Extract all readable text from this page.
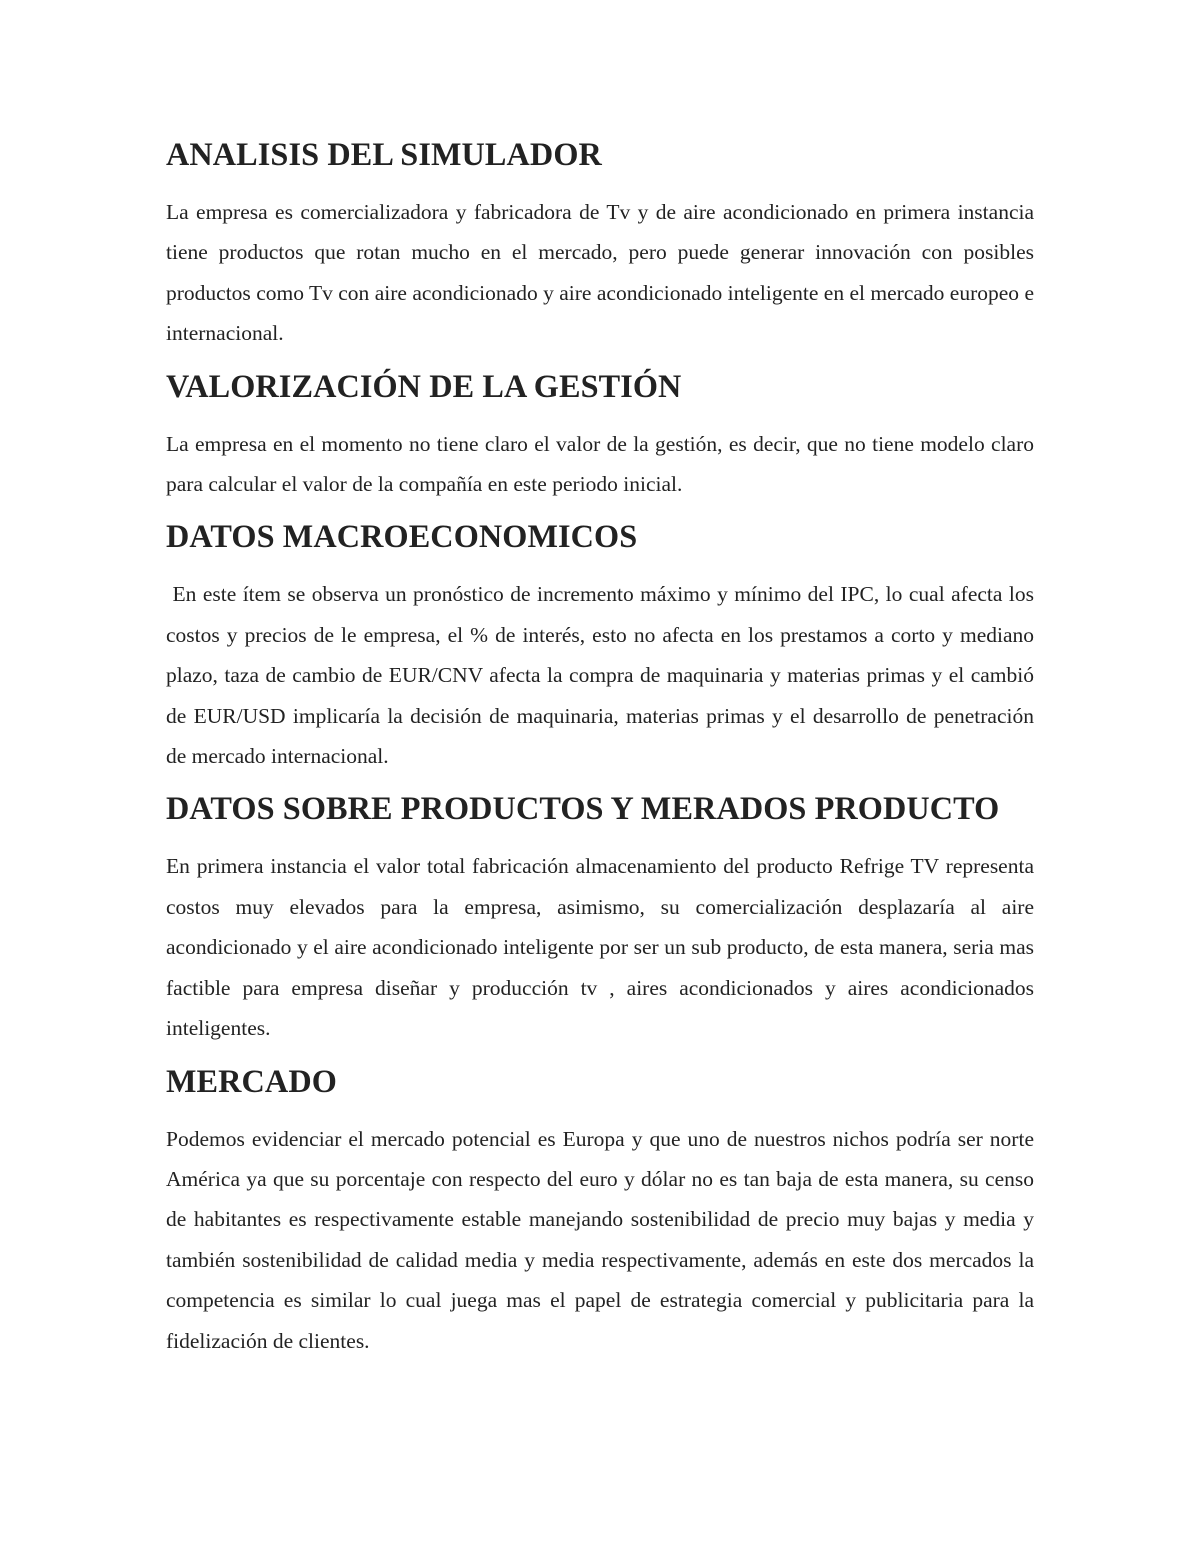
ANALISIS DEL SIMULADOR

La empresa es comercializadora y fabricadora de Tv y de aire acondicionado en primera instancia tiene productos que rotan mucho en el mercado, pero puede generar innovación con posibles productos como Tv con aire acondicionado y aire acondicionado inteligente en el mercado europeo e internacional.

VALORIZACIÓN DE LA GESTIÓN

La empresa en el momento no tiene claro el valor de la gestión, es decir, que no tiene modelo claro para calcular el valor de la compañía en este periodo inicial.

DATOS MACROECONOMICOS

En este ítem se observa un pronóstico de incremento máximo y mínimo del IPC, lo cual afecta los costos y precios de le empresa, el % de interés, esto no afecta en los prestamos a corto y mediano plazo, taza de cambio de EUR/CNV afecta la compra de maquinaria y materias primas y el cambió de EUR/USD implicaría la decisión de maquinaria, materias primas y el desarrollo de penetración de mercado internacional.

DATOS SOBRE PRODUCTOS Y MERADOS PRODUCTO

En primera instancia el valor total fabricación almacenamiento del producto Refrige TV representa costos muy elevados para la empresa, asimismo, su comercialización desplazaría al aire acondicionado y el aire acondicionado inteligente por ser un sub producto, de esta manera, seria mas factible para empresa diseñar y producción tv , aires acondicionados y aires acondicionados inteligentes.

MERCADO

Podemos evidenciar el mercado potencial es Europa y que uno de nuestros nichos podría ser norte América ya que su porcentaje con respecto del euro y dólar no es tan baja de esta manera, su censo de habitantes es respectivamente estable manejando sostenibilidad de precio muy bajas y media y también sostenibilidad de calidad media y media respectivamente, además en este dos mercados la competencia es similar lo cual juega mas el papel de estrategia comercial y publicitaria para la fidelización de clientes.
